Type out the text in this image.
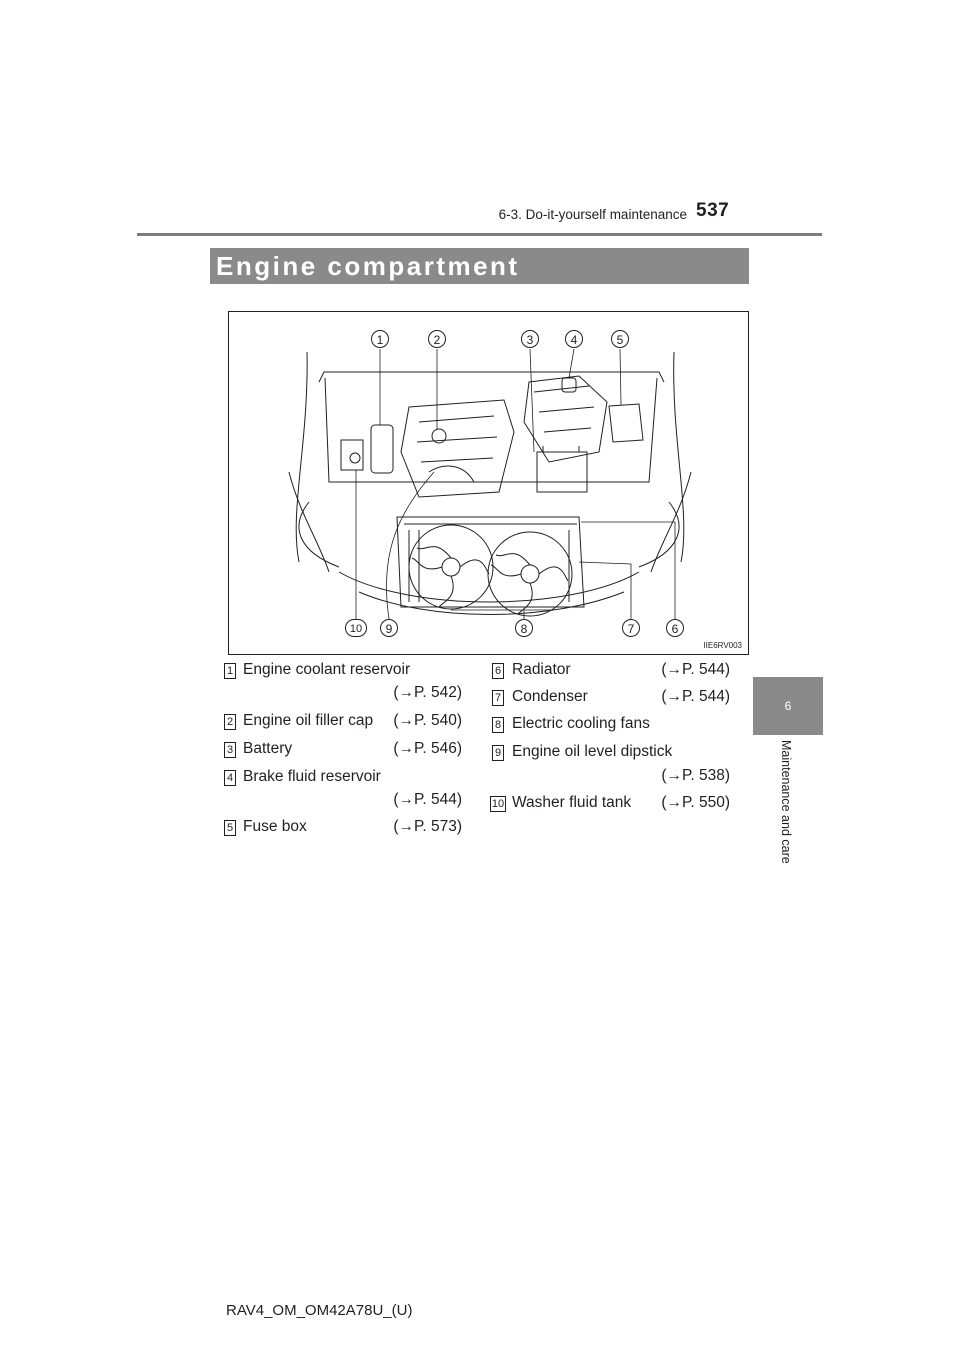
6-3. Do-it-yourself maintenance 537
Engine compartment
6
Maintenance and care
1	2	3	4	5
6
7
8
9
10
IIE6RV003
1 Engine coolant reservoir
(→P. 542)
2 Engine oil filler cap	(→P. 540)
3 Battery	(→P. 546)
4 Brake fluid reservoir
(→P. 544)
5 Fuse box	(→P. 573)
6 Radiator	(→P. 544)
7 Condenser	(→P. 544)
8 Electric cooling fans
9 Engine oil level dipstick
(→P. 538)
10 Washer fluid tank	(→P. 550)
RAV4_OM_OM42A78U_(U)
